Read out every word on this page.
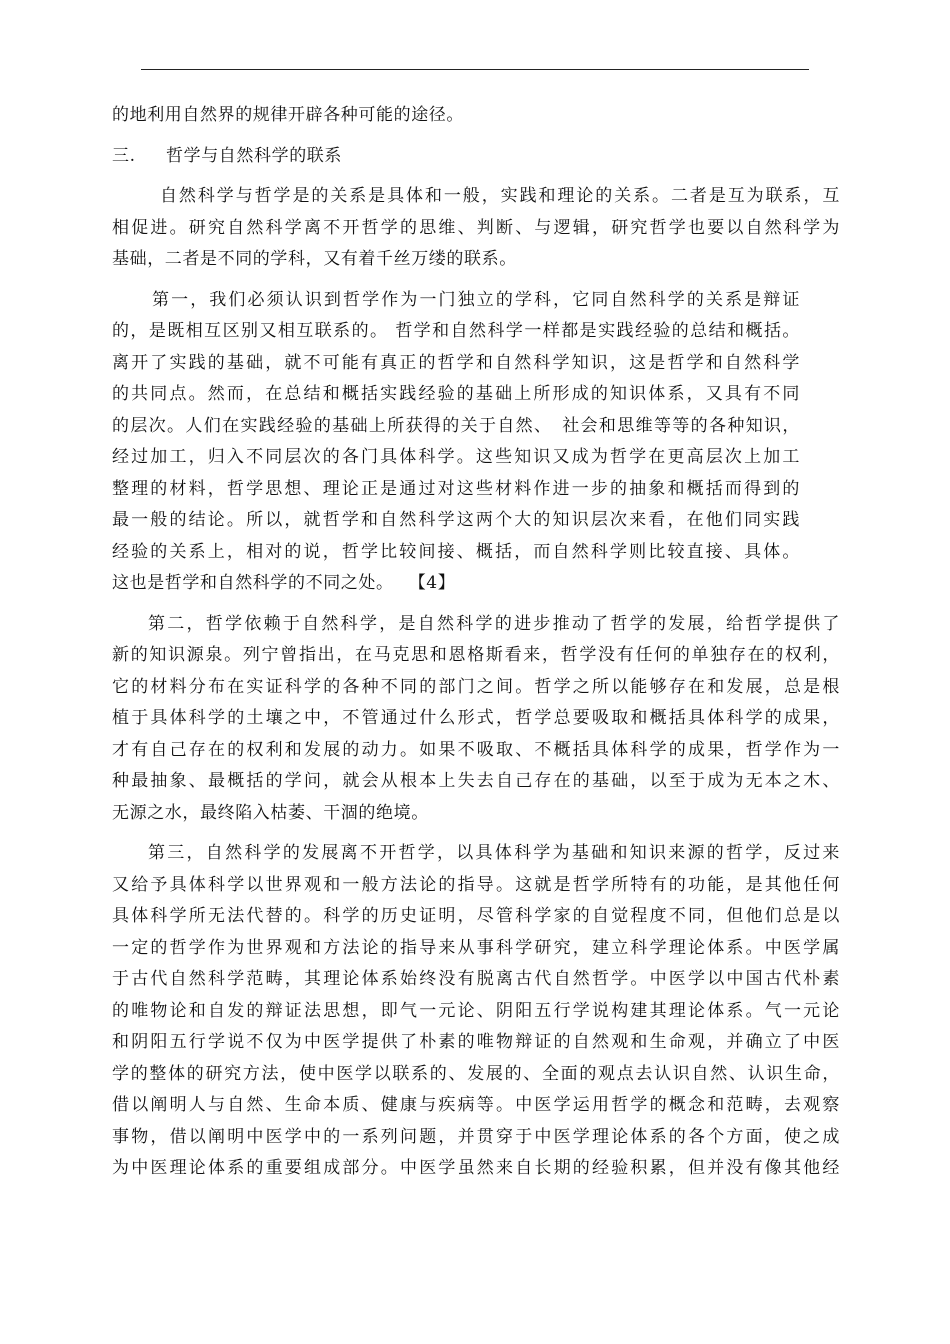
的地利用自然界的规律开辟各种可能的途径。
三. 哲学与自然科学的联系
自然科学与哲学是的关系是具体和一般，实践和理论的关系。二者是互为联系，互
相促进。研究自然科学离不开哲学的思维、判断、与逻辑，研究哲学也要以自然科学为
基础，二者是不同的学科，又有着千丝万缕的联系。
第一，我们必须认识到哲学作为一门独立的学科，它同自然科学的关系是辩证
的，是既相互区别又相互联系的。 哲学和自然科学一样都是实践经验的总结和概括。
离开了实践的基础，就不可能有真正的哲学和自然科学知识，这是哲学和自然科学
的共同点。然而，在总结和概括实践经验的基础上所形成的知识体系，又具有不同
的层次。人们在实践经验的基础上所获得的关于自然、　社会和思维等等的各种知识，
经过加工，归入不同层次的各门具体科学。这些知识又成为哲学在更高层次上加工
整理的材料，哲学思想、理论正是通过对这些材料作进一步的抽象和概括而得到的
最一般的结论。所以，就哲学和自然科学这两个大的知识层次来看，在他们同实践
经验的关系上，相对的说，哲学比较间接、概括，而自然科学则比较直接、具体。
这也是哲学和自然科学的不同之处。　 【4】
第二，哲学依赖于自然科学，是自然科学的进步推动了哲学的发展，给哲学提供了
新的知识源泉。列宁曾指出，在马克思和恩格斯看来，哲学没有任何的单独存在的权利，
它的材料分布在实证科学的各种不同的部门之间。哲学之所以能够存在和发展，总是根
植于具体科学的土壤之中，不管通过什么形式，哲学总要吸取和概括具体科学的成果，
才有自己存在的权利和发展的动力。如果不吸取、不概括具体科学的成果，哲学作为一
种最抽象、最概括的学问，就会从根本上失去自己存在的基础，以至于成为无本之木、
无源之水，最终陷入枯萎、干涸的绝境。
第三，自然科学的发展离不开哲学，以具体科学为基础和知识来源的哲学，反过来
又给予具体科学以世界观和一般方法论的指导。这就是哲学所特有的功能，是其他任何
具体科学所无法代替的。科学的历史证明，尽管科学家的自觉程度不同，但他们总是以
一定的哲学作为世界观和方法论的指导来从事科学研究，建立科学理论体系。中医学属
于古代自然科学范畴，其理论体系始终没有脱离古代自然哲学。中医学以中国古代朴素
的唯物论和自发的辩证法思想，即气一元论、阴阳五行学说构建其理论体系。气一元论
和阴阳五行学说不仅为中医学提供了朴素的唯物辩证的自然观和生命观，并确立了中医
学的整体的研究方法，使中医学以联系的、发展的、全面的观点去认识自然、认识生命，
借以阐明人与自然、生命本质、健康与疾病等。中医学运用哲学的概念和范畴，去观察
事物，借以阐明中医学中的一系列问题，并贯穿于中医学理论体系的各个方面，使之成
为中医理论体系的重要组成部分。中医学虽然来自长期的经验积累，但并没有像其他经
